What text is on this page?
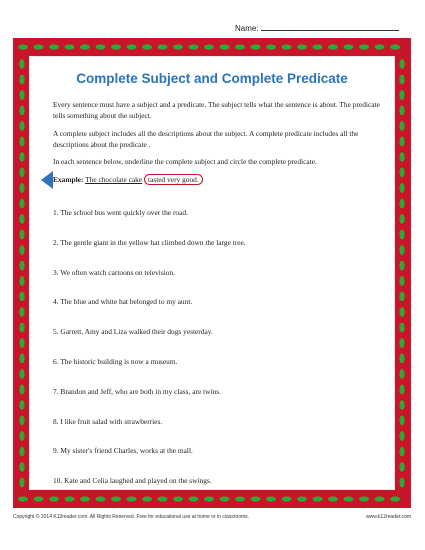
Name:
Complete Subject and Complete Predicate

Every sentence must have a subject and a predicate. The subject tells what the sentence is about. The predicate tells something about the subject.

A complete subject includes all the descriptions about the subject. A complete predicate includes all the descriptions about the predicate .

In each sentence below, underline the complete subject and circle the complete predicate.

Example: The chocolate cake tasted very good.
1. The school bus went quickly over the road.
2. The gentle giant in the yellow hat climbed down the large tree.
3. We often watch cartoons on television.
4. The blue and white hat belonged to my aunt.
5. Garrett, Amy and Liza walked their dogs yesterday.
6. The historic building is now a museum.
7. Brandon and Jeff, who are both in my class, are twins.
8. I like fruit salad with strawberries.
9. My sister's friend Charles, works at the mall.
10. Kate and Celia laughed and played on the swings.
Copyright © 2014 K12reader.com. All Rights Reserved. Free for educational use at home or in classrooms.	www.k12reader.com
